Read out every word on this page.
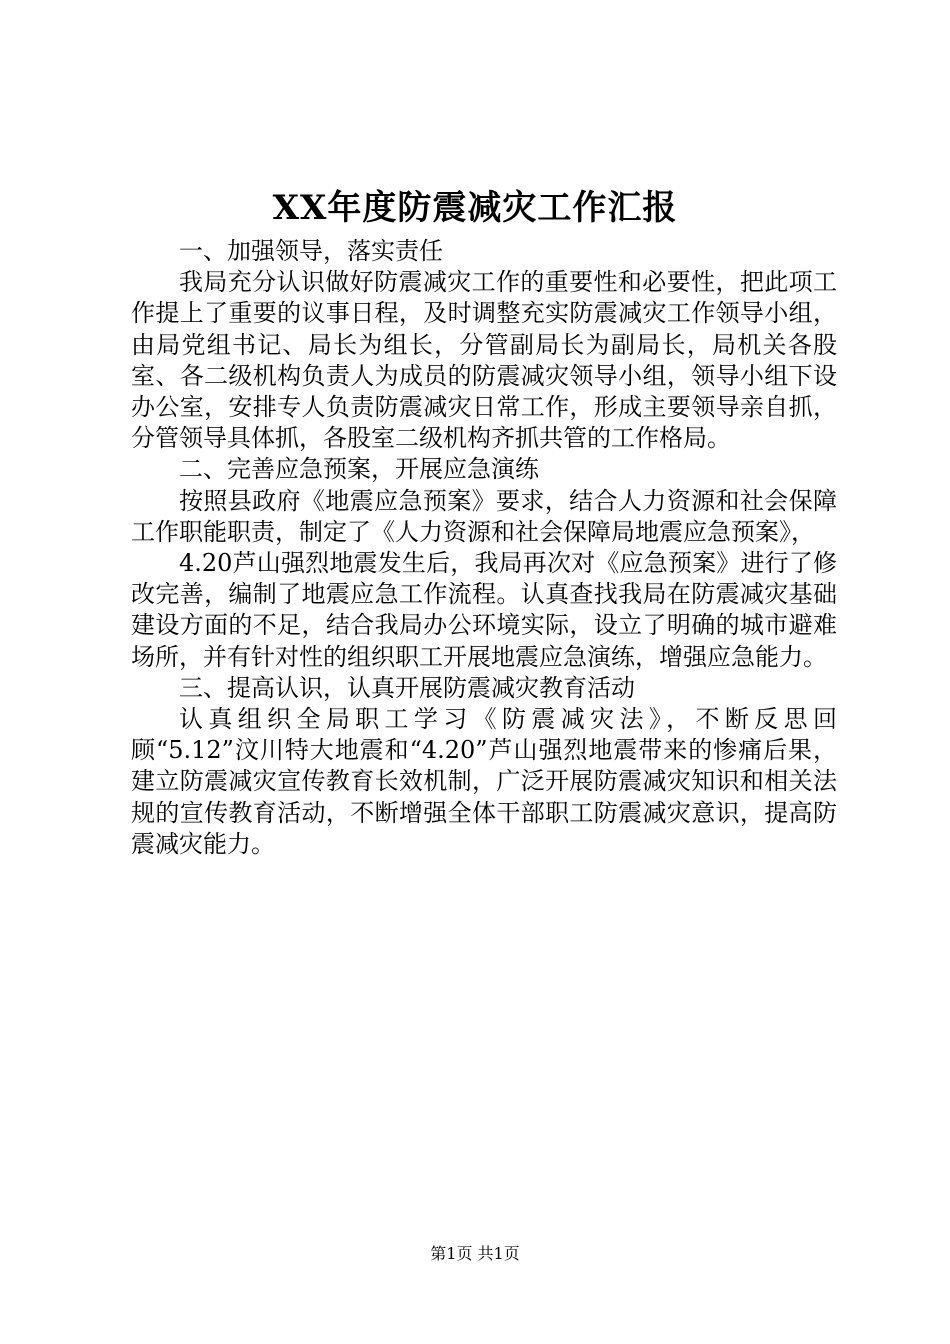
XX年度防震减灾工作汇报

一、加强领导，落实责任

我局充分认识做好防震减灾工作的重要性和必要性，把此项工作提上了重要的议事日程，及时调整充实防震减灾工作领导小组，由局党组书记、局长为组长，分管副局长为副局长，局机关各股室、各二级机构负责人为成员的防震减灾领导小组，领导小组下设办公室，安排专人负责防震减灾日常工作，形成主要领导亲自抓，分管领导具体抓，各股室二级机构齐抓共管的工作格局。

二、完善应急预案，开展应急演练

按照县政府《地震应急预案》要求，结合人力资源和社会保障工作职能职责，制定了《人力资源和社会保障局地震应急预案》，

4.20芦山强烈地震发生后，我局再次对《应急预案》进行了修改完善，编制了地震应急工作流程。认真查找我局在防震减灾基础建设方面的不足，结合我局办公环境实际，设立了明确的城市避难场所，并有针对性的组织职工开展地震应急演练，增强应急能力。

三、提高认识，认真开展防震减灾教育活动

认真组织全局职工学习《防震减灾法》，不断反思回顾“5.12”汶川特大地震和“4.20”芦山强烈地震带来的惨痛后果，建立防震减灾宣传教育长效机制，广泛开展防震减灾知识和相关法规的宣传教育活动，不断增强全体干部职工防震减灾意识，提高防震减灾能力。

第1页 共1页
